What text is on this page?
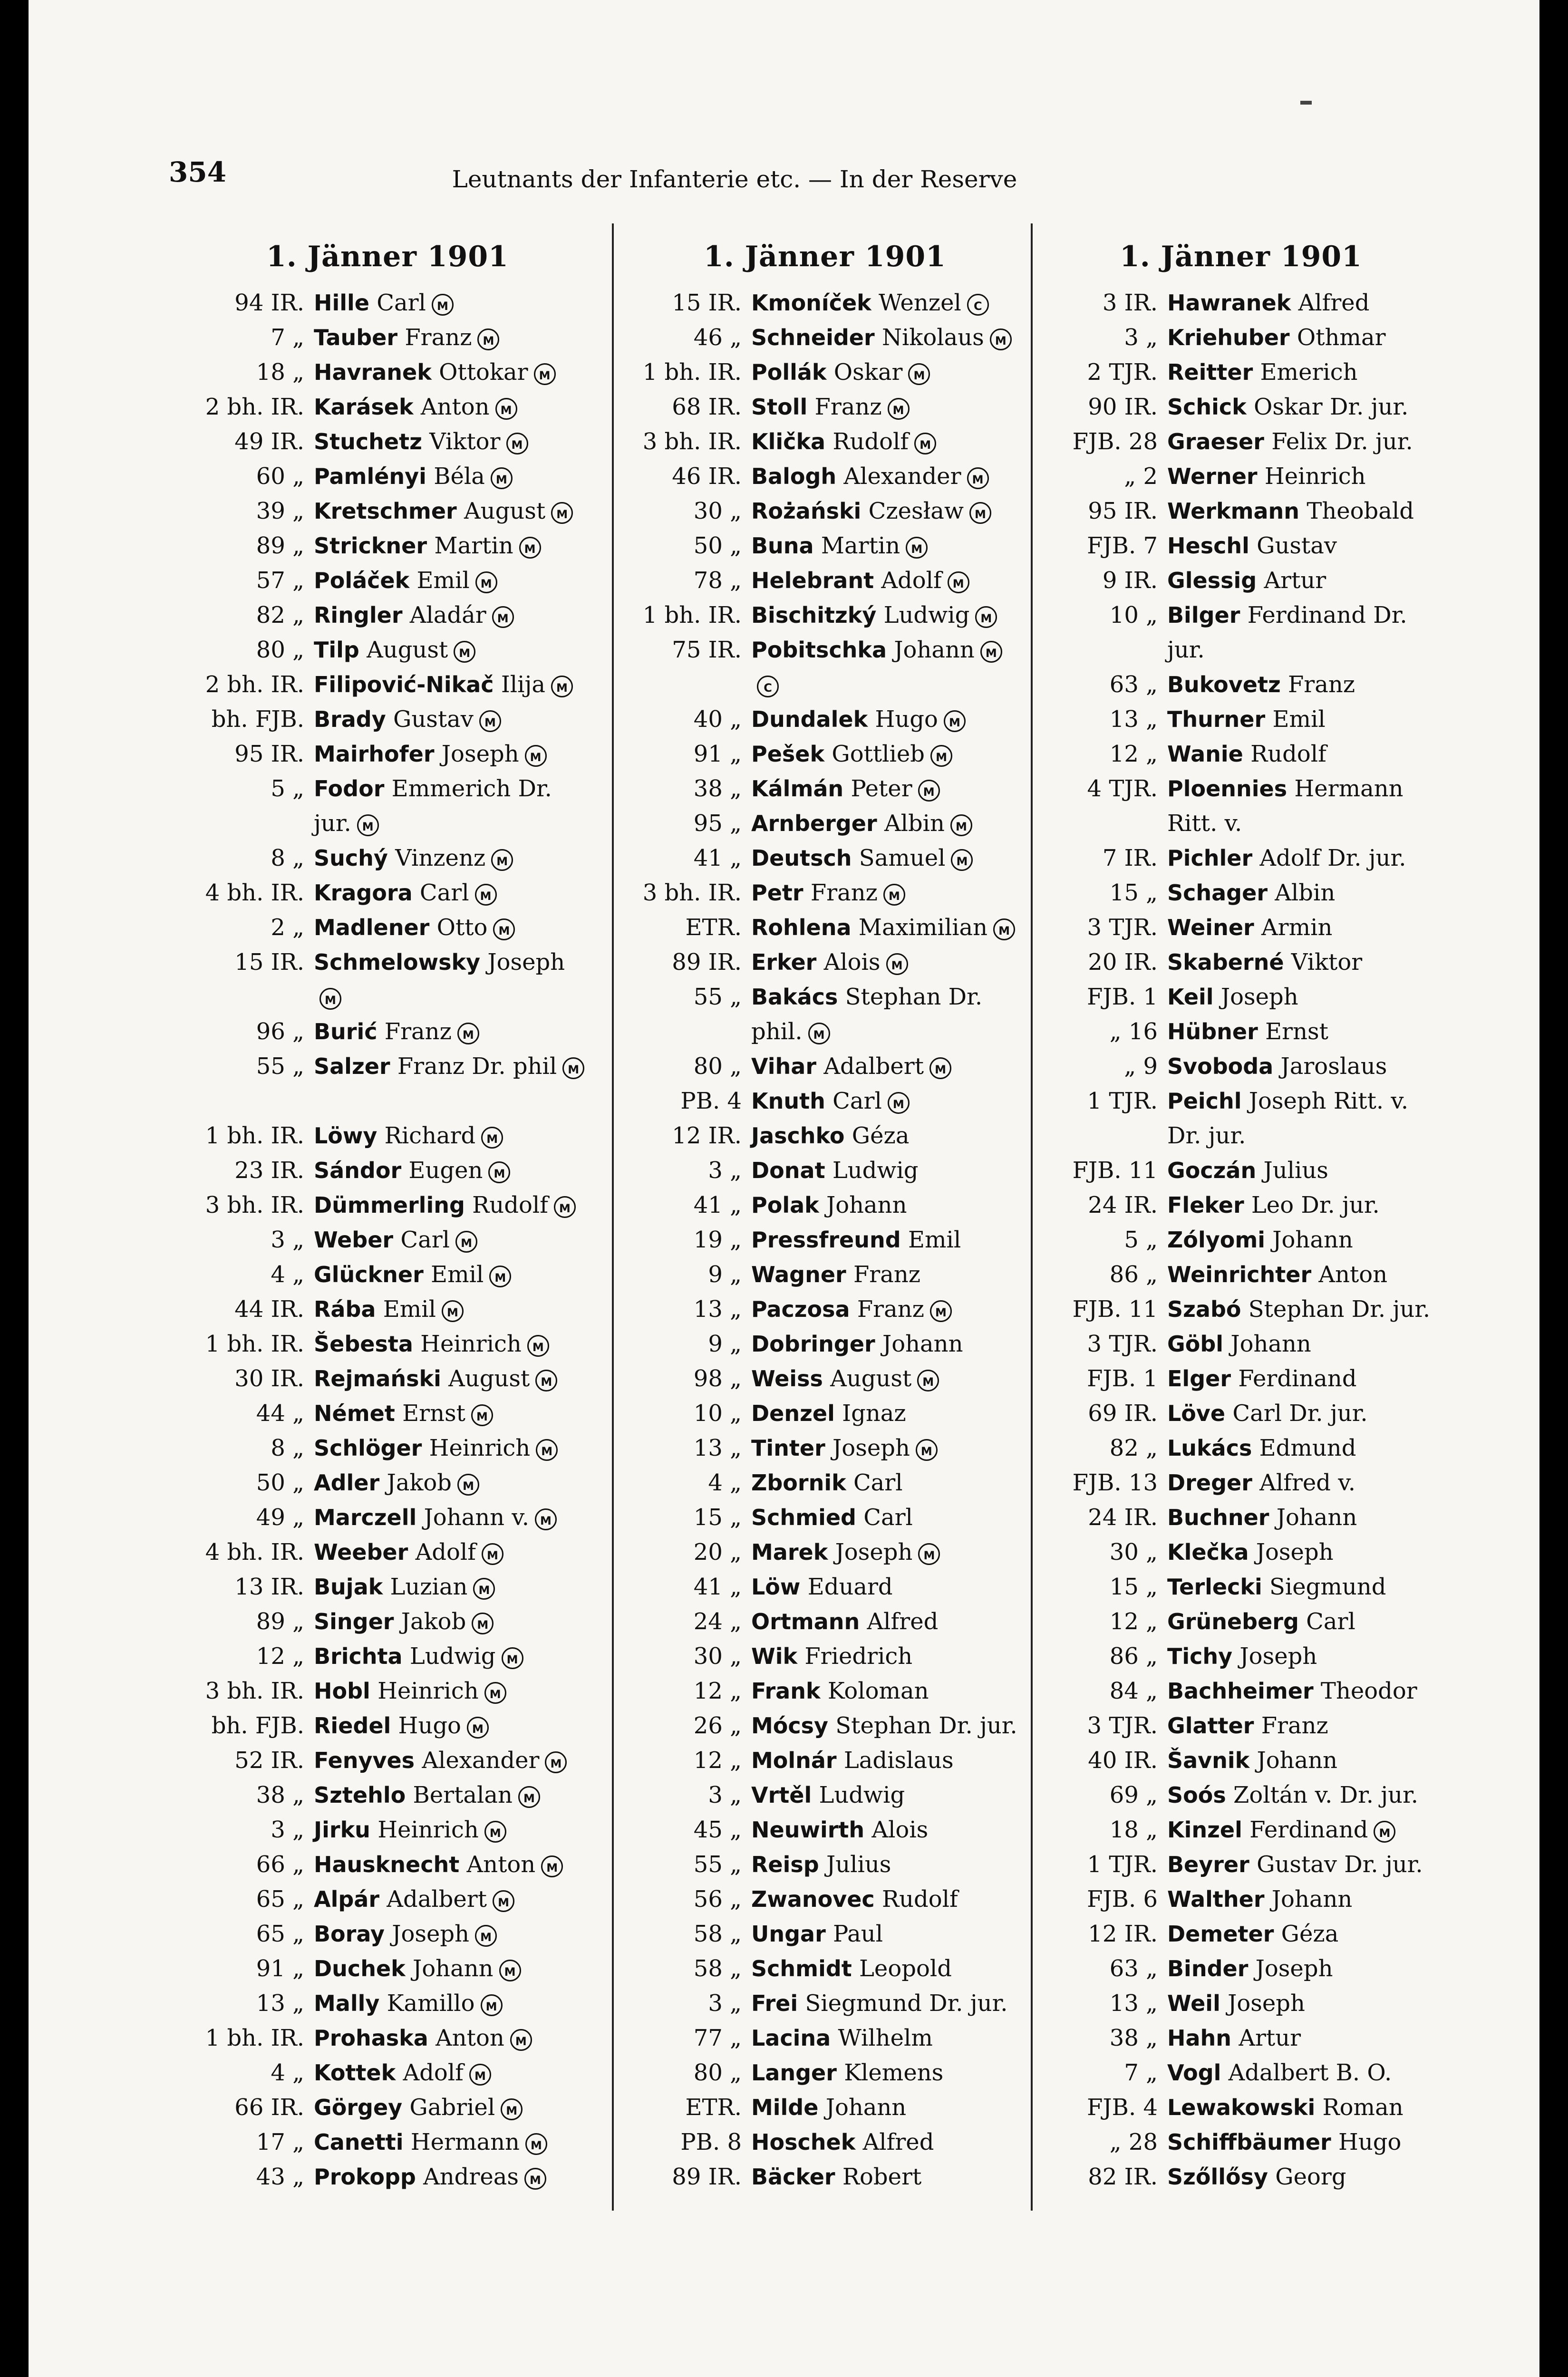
354	Leutnants der Infanterie etc. — In der Reserve
1. Jänner 1901
94 IR. Hille Carl M
7 „ Tauber Franz M
18 „ Havranek Ottokar M
2 bh. IR. Karásek Anton M
49 IR. Stuchetz Viktor M
60 „ Pamlényi Béla M
39 „ Kretschmer August M
89 „ Strickner Martin M
57 „ Poláček Emil M
82 „ Ringler Aladár M
80 „ Tilp August M
2 bh. IR. Filipović-Nikač Ilija M
bh. FJB. Brady Gustav M
95 IR. Mairhofer Joseph M
5 „ Fodor Emmerich Dr. jur. M
8 „ Suchý Vinzenz M
4 bh. IR. Kragora Carl M
2 „ Madlener Otto M
15 IR. Schmelowsky JosephM
96 „ Burić Franz M
55 „ Salzer Franz Dr. phil M
1 bh. IR. Löwy Richard M
23 IR. Sándor Eugen M
3 bh. IR. Dümmerling Rudolf M
3 „ Weber Carl M
4 „ Glückner Emil M
44 IR. Rába Emil M
1 bh. IR. Šebesta Heinrich M
30 IR. Rejmański August M
44 „ Német Ernst M
8 „ Schlöger Heinrich M
50 „ Adler Jakob M
49 „ Marczell Johann v. M
4 bh. IR. Weeber Adolf M
13 IR. Bujak Luzian M
89 „ Singer Jakob M
12 „ Brichta Ludwig M
3 bh. IR. Hobl Heinrich M
bh. FJB. Riedel Hugo M
52 IR. Fenyves Alexander M
38 „ Sztehlo Bertalan M
3 „ Jirku Heinrich M
66 „ Hausknecht Anton M
65 „ Alpár Adalbert M
65 „ Boray Joseph M
91 „ Duchek Johann M
13 „ Mally Kamillo M
1 bh. IR. Prohaska Anton M
4 „ Kottek Adolf M
66 IR. Görgey Gabriel M
17 „ Canetti Hermann M
43 „ Prokopp Andreas M
1. Jänner 1901
15 IR. Kmoníček Wenzel C
46 „ Schneider Nikolaus M
1 bh. IR. Pollák Oskar M
68 IR. Stoll Franz M
3 bh. IR. Klička Rudolf M
46 IR. Balogh Alexander M
30 „ Rożański Czesław M
50 „ Buna Martin M
78 „ Helebrant Adolf M
1 bh. IR. Bischitzký Ludwig M
75 IR. Pobitschka Johann MC
40 „ Dundalek Hugo M
91 „ Pešek Gottlieb M
38 „ Kálmán Peter M
95 „ Arnberger Albin M
41 „ Deutsch Samuel M
3 bh. IR. Petr Franz M
ETR. Rohlena Maximilian M
89 IR. Erker Alois M
55 „ Bakács Stephan Dr. phil. M
80 „ Vihar Adalbert M
PB. 4 Knuth Carl M
12 IR. Jaschko Géza
3 „ Donat Ludwig
41 „ Polak Johann
19 „ Pressfreund Emil
9 „ Wagner Franz
13 „ Paczosa Franz M
9 „ Dobringer Johann
98 „ Weiss August M
10 „ Denzel Ignaz
13 „ Tinter Joseph M
4 „ Zbornik Carl
15 „ Schmied Carl
20 „ Marek Joseph M
41 „ Löw Eduard
24 „ Ortmann Alfred
30 „ Wik Friedrich
12 „ Frank Koloman
26 „ Mócsy Stephan Dr. jur.
12 „ Molnár Ladislaus
3 „ Vrtěl Ludwig
45 „ Neuwirth Alois
55 „ Reisp Julius
56 „ Zwanovec Rudolf
58 „ Ungar Paul
58 „ Schmidt Leopold
3 „ Frei Siegmund Dr. jur.
77 „ Lacina Wilhelm
80 „ Langer Klemens
ETR. Milde Johann
PB. 8 Hoschek Alfred
89 IR. Bäcker Robert
1. Jänner 1901
3 IR. Hawranek Alfred
3 „ Kriehuber Othmar
2 TJR. Reitter Emerich
90 IR. Schick Oskar Dr. jur.
FJB. 28 Graeser Felix Dr. jur.
„ 2 Werner Heinrich
95 IR. Werkmann Theobald
FJB. 7 Heschl Gustav
9 IR. Glessig Artur
10 „ Bilger Ferdinand Dr. jur.
63 „ Bukovetz Franz
13 „ Thurner Emil
12 „ Wanie Rudolf
4 TJR. Ploennies Hermann Ritt. v.
7 IR. Pichler Adolf Dr. jur.
15 „ Schager Albin
3 TJR. Weiner Armin
20 IR. Skaberné Viktor
FJB. 1 Keil Joseph
„ 16 Hübner Ernst
„ 9 Svoboda Jaroslaus
1 TJR. Peichl Joseph Ritt. v. Dr. jur.
FJB. 11 Goczán Julius
24 IR. Fleker Leo Dr. jur.
5 „ Zólyomi Johann
86 „ Weinrichter Anton
FJB. 11 Szabó Stephan Dr. jur.
3 TJR. Göbl Johann
FJB. 1 Elger Ferdinand
69 IR. Löve Carl Dr. jur.
82 „ Lukács Edmund
FJB. 13 Dreger Alfred v.
24 IR. Buchner Johann
30 „ Klečka Joseph
15 „ Terlecki Siegmund
12 „ Grüneberg Carl
86 „ Tichy Joseph
84 „ Bachheimer Theodor
3 TJR. Glatter Franz
40 IR. Šavnik Johann
69 „ Soós Zoltán v. Dr. jur.
18 „ Kinzel Ferdinand M
1 TJR. Beyrer Gustav Dr. jur.
FJB. 6 Walther Johann
12 IR. Demeter Géza
63 „ Binder Joseph
13 „ Weil Joseph
38 „ Hahn Artur
7 „ Vogl Adalbert B. O.
FJB. 4 Lewakowski Roman
„ 28 Schiffbäumer Hugo
82 IR. Szőllősy Georg
